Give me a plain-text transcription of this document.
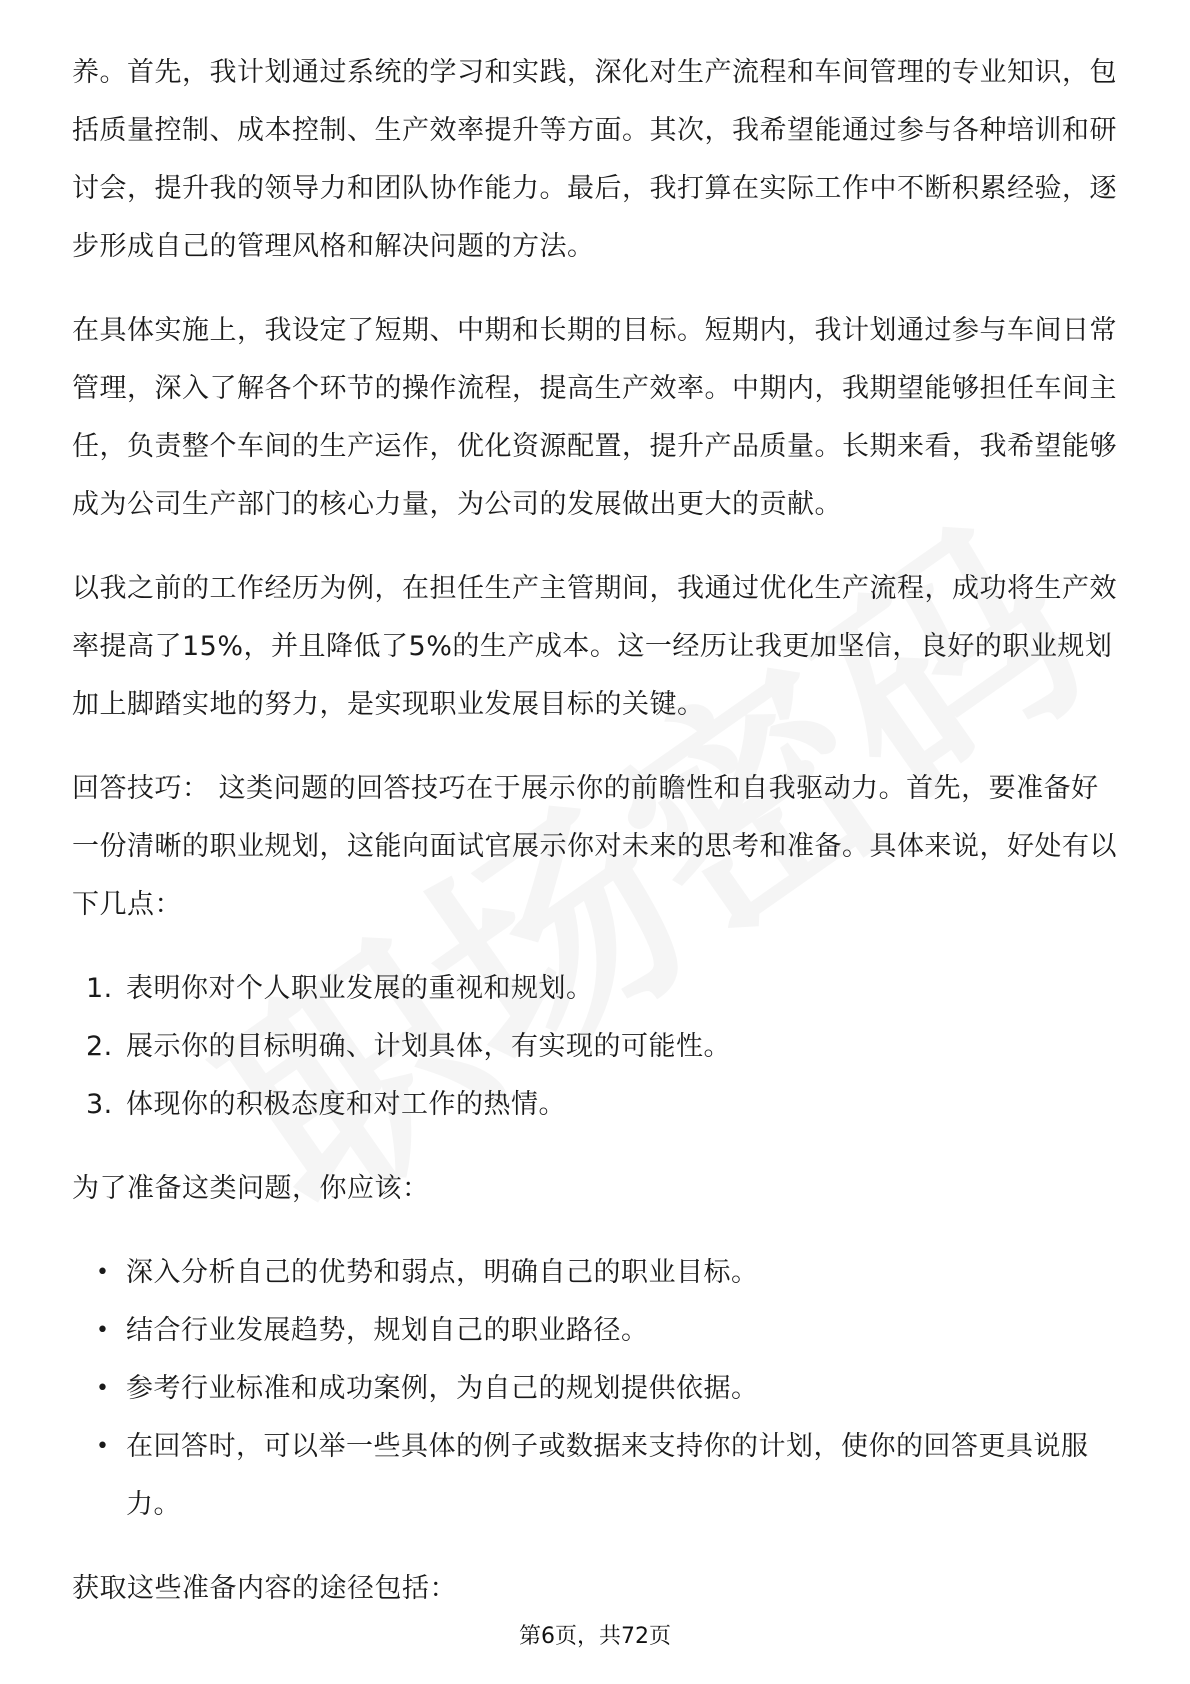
养。首先，我计划通过系统的学习和实践，深化对生产流程和车间管理的专业知识，包括质量控制、成本控制、生产效率提升等方面。其次，我希望能通过参与各种培训和研讨会，提升我的领导力和团队协作能力。最后，我打算在实际工作中不断积累经验，逐步形成自己的管理风格和解决问题的方法。

在具体实施上，我设定了短期、中期和长期的目标。短期内，我计划通过参与车间日常管理，深入了解各个环节的操作流程，提高生产效率。中期内，我期望能够担任车间主任，负责整个车间的生产运作，优化资源配置，提升产品质量。长期来看，我希望能够成为公司生产部门的核心力量，为公司的发展做出更大的贡献。

以我之前的工作经历为例，在担任生产主管期间，我通过优化生产流程，成功将生产效率提高了15%，并且降低了5%的生产成本。这一经历让我更加坚信，良好的职业规划加上脚踏实地的努力，是实现职业发展目标的关键。

回答技巧： 这类问题的回答技巧在于展示你的前瞻性和自我驱动力。首先，要准备好一份清晰的职业规划，这能向面试官展示你对未来的思考和准备。具体来说，好处有以下几点：

1. 表明你对个人职业发展的重视和规划。
2. 展示你的目标明确、计划具体，有实现的可能性。
3. 体现你的积极态度和对工作的热情。

为了准备这类问题，你应该：

• 深入分析自己的优势和弱点，明确自己的职业目标。
• 结合行业发展趋势，规划自己的职业路径。
• 参考行业标准和成功案例，为自己的规划提供依据。
• 在回答时，可以举一些具体的例子或数据来支持你的计划，使你的回答更具说服力。

获取这些准备内容的途径包括：

第6页，共72页
